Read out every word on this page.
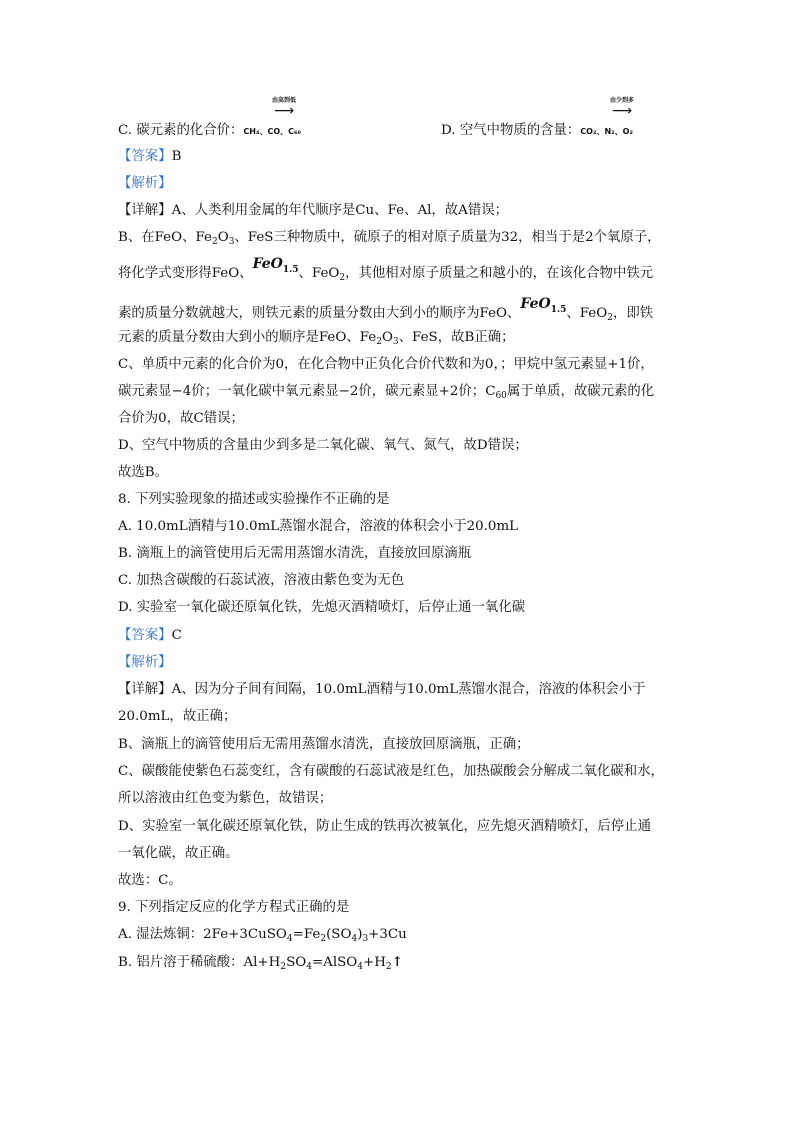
由高到低
⟶
C. 碳元素的化合价：CH₄、CO、C₆₀
由少到多
⟶
D. 空气中物质的含量：CO₂、N₂、O₂
【答案】B
【解析】
【详解】A、人类利用金属的年代顺序是Cu、Fe、Al，故A错误；
B、在FeO、$Fe_2O_3$、FeS三种物质中，硫原子的相对原子质量为32，相当于是2个氧原子，
将化学式变形得FeO、FeO$_{1.5}$、FeO$_2$，其他相对原子质量之和越小的，在该化合物中铁元
素的质量分数就越大，则铁元素的质量分数由大到小的顺序为FeO、FeO$_{1.5}$、FeO$_2$，即铁
元素的质量分数由大到小的顺序是FeO、$Fe_2O_3$、FeS，故B正确；
C、单质中元素的化合价为0，在化合物中正负化合价代数和为0，；甲烷中氢元素显+1价，
碳元素显−4价；一氧化碳中氧元素显−2价，碳元素显+2价；$C_{60}$属于单质，故碳元素的化
合价为0，故C错误；
D、空气中物质的含量由少到多是二氧化碳、氧气、氮气，故D错误；
故选B。
8. 下列实验现象的描述或实验操作不正确的是
A. 10.0mL酒精与10.0mL蒸馏水混合，溶液的体积会小于20.0mL
B. 滴瓶上的滴管使用后无需用蒸馏水清洗，直接放回原滴瓶
C. 加热含碳酸的石蕊试液，溶液由紫色变为无色
D. 实验室一氧化碳还原氧化铁，先熄灭酒精喷灯，后停止通一氧化碳
【答案】C
【解析】
【详解】A、因为分子间有间隔，10.0mL酒精与10.0mL蒸馏水混合，溶液的体积会小于
20.0mL，故正确；
B、滴瓶上的滴管使用后无需用蒸馏水清洗，直接放回原滴瓶，正确；
C、碳酸能使紫色石蕊变红，含有碳酸的石蕊试液是红色，加热碳酸会分解成二氧化碳和水，
所以溶液由红色变为紫色，故错误；
D、实验室一氧化碳还原氧化铁，防止生成的铁再次被氧化，应先熄灭酒精喷灯，后停止通
一氧化碳，故正确。
故选：C。
9. 下列指定反应的化学方程式正确的是
A. 湿法炼铜：$2Fe+3CuSO_4=Fe_2(SO_4)_3+3Cu$
B. 铝片溶于稀硫酸：$Al+H_2SO_4=AlSO_4+H_2↑$
